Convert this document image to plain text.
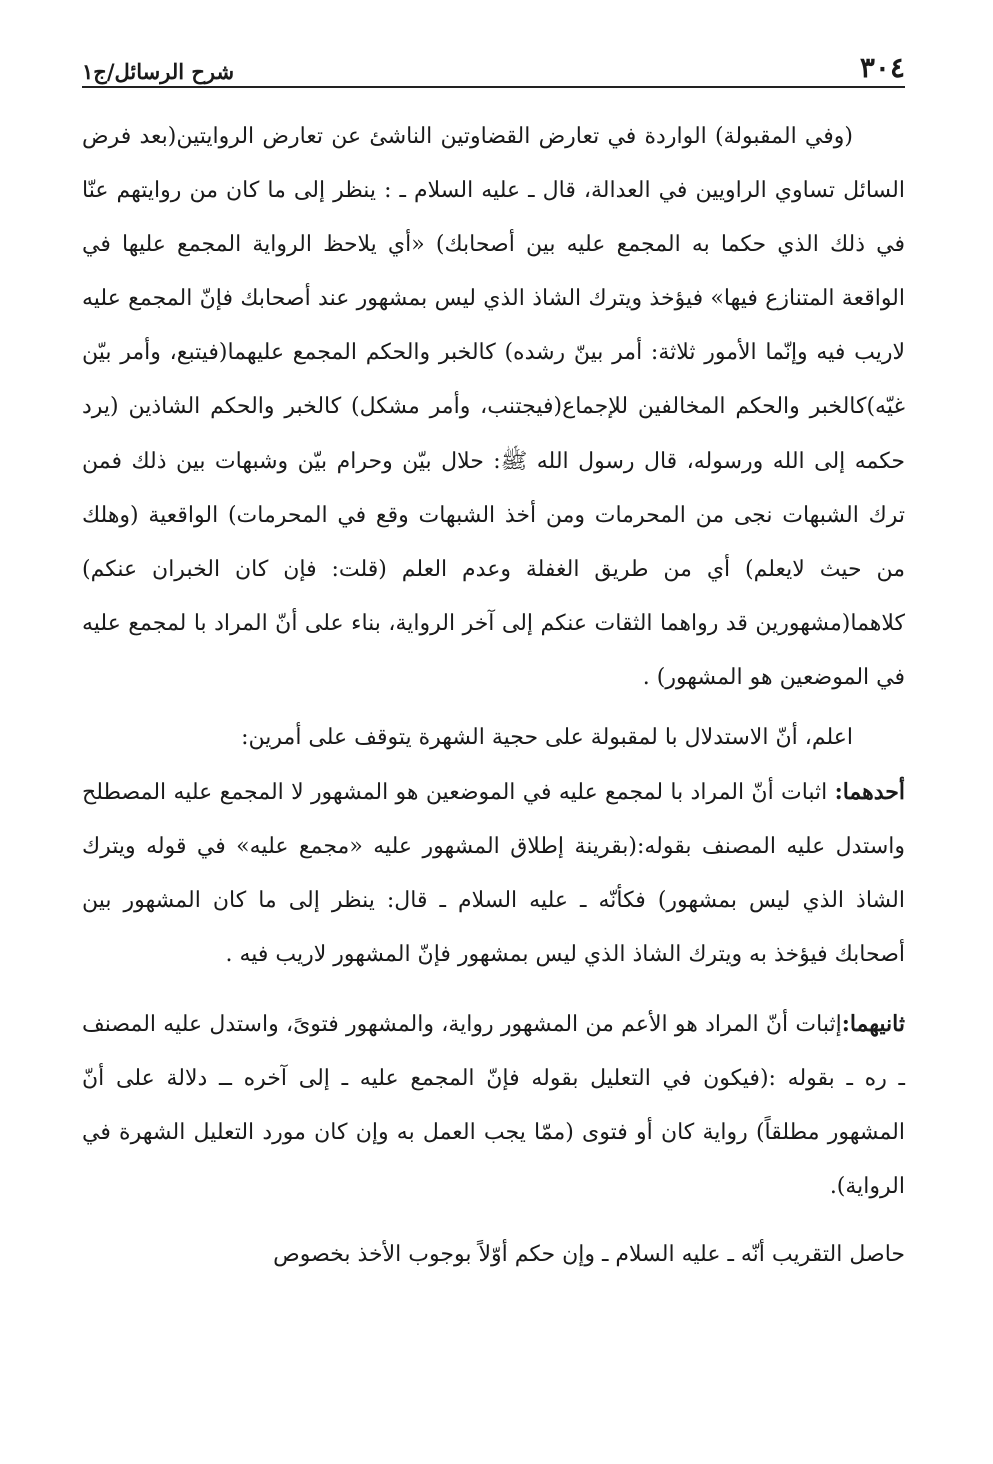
٣٠٤
شرح الرسائل/ج١

(وفي المقبولة) الواردة في تعارض القضاوتين الناشئ عن تعارض الروايتين(بعد فرض السائل تساوي الراويين في العدالة، قال ـ عليه السلام ـ : ينظر إلى ما كان من روايتهم عنّا في ذلك الذي حكما به المجمع عليه بين أصحابك) «أي يلاحظ الرواية المجمع عليها في الواقعة المتنازع فيها» فيؤخذ ويترك الشاذ الذي ليس بمشهور عند أصحابك فإنّ المجمع عليه لاريب فيه وإنّما الأمور ثلاثة: أمر بينّ رشده) كالخبر والحكم المجمع عليهما(فيتبع، وأمر بيّن غيّه)كالخبر والحكم المخالفين للإجماع(فيجتنب، وأمر مشكل) كالخبر والحكم الشاذين (يرد حكمه إلى الله ورسوله، قال رسول الله ﷺ: حلال بيّن وحرام بيّن وشبهات بين ذلك فمن ترك الشبهات نجى من المحرمات ومن أخذ الشبهات وقع في المحرمات) الواقعية (وهلك من حيث لايعلم) أي من طريق الغفلة وعدم العلم (قلت: فإن كان الخبران عنكم) كلاهما(مشهورين قد رواهما الثقات عنكم إلى آخر الرواية، بناء على أنّ المراد با لمجمع عليه في الموضعين هو المشهور) .

اعلم، أنّ الاستدلال با لمقبولة على حجية الشهرة يتوقف على أمرين:

أحدهما: اثبات أنّ المراد با لمجمع عليه في الموضعين هو المشهور لا المجمع عليه المصطلح واستدل عليه المصنف بقوله:(بقرينة إطلاق المشهور عليه «مجمع عليه» في قوله ويترك الشاذ الذي ليس بمشهور) فكأنّه ـ عليه السلام ـ قال: ينظر إلى ما كان المشهور بين أصحابك فيؤخذ به ويترك الشاذ الذي ليس بمشهور فإنّ المشهور لاريب فيه .

ثانيهما:إثبات أنّ المراد هو الأعم من المشهور رواية، والمشهور فتوىً، واستدل عليه المصنف ـ ره ـ بقوله :(فيكون في التعليل بقوله فإنّ المجمع عليه ـ إلى آخره ــ دلالة على أنّ المشهور مطلقاً) رواية كان أو فتوى (ممّا يجب العمل به وإن كان مورد التعليل الشهرة في الرواية).

حاصل التقريب أنّه ـ عليه السلام ـ وإن حكم أوّلاً بوجوب الأخذ بخصوص
